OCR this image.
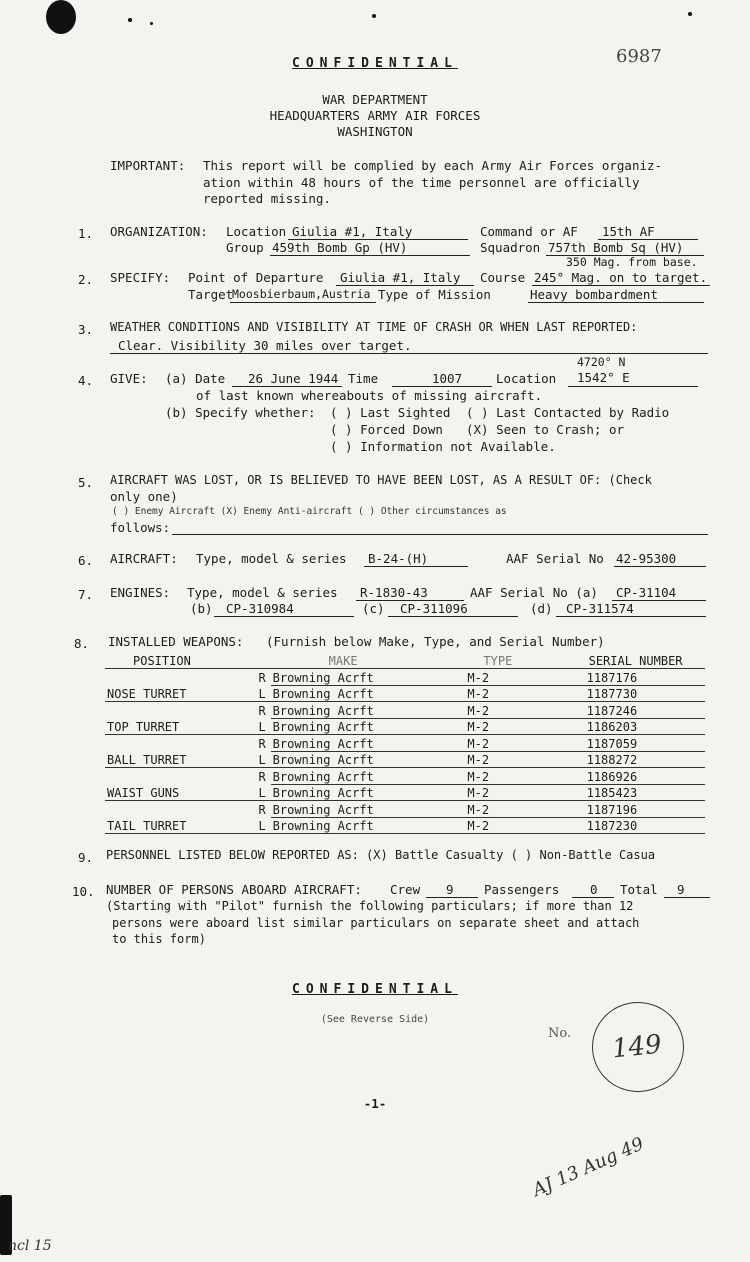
6987
CONFIDENTIAL
WAR DEPARTMENT
HEADQUARTERS ARMY AIR FORCES
WASHINGTON
IMPORTANT: This report will be complied by each Army Air Forces organiz-
ation within 48 hours of the time personnel are officially
reported missing.
1. ORGANIZATION: Location Giulia #1, Italy	Command or AF 15th AF
Group 459th Bomb Gp (HV)	Squadron 757th Bomb Sq (HV)
350 Mag. from base.
2. SPECIFY: Point of Departure Giulia #1, Italy Course 245° Mag. on to target.
Target
Moosbierbaum,Austria Type of Mission	Heavy bombardment
3. WEATHER CONDITIONS AND VISIBILITY AT TIME OF CRASH OR WHEN LAST REPORTED:
Clear. Visibility 30 miles over target.
4720° N
4. GIVE: (a) Date 26 June 1944 Time	1007	Location 1542° E
of last known whereabouts of missing aircraft.
(b) Specify whether: ( ) Last Sighted ( ) Last Contacted by Radio
( ) Forced Down (X) Seen to Crash; or
( ) Information not Available.
5. AIRCRAFT WAS LOST, OR IS BELIEVED TO HAVE BEEN LOST, AS A RESULT OF: (Check
only one)
( ) Enemy Aircraft (X) Enemy Anti-aircraft ( ) Other circumstances as
follows:
6. AIRCRAFT: Type, model & series B-24-(H)	AAF Serial No 42-95300
7. ENGINES: Type, model & series R-1830-43	AAF Serial No (a) CP-31104
(b) CP-310984	(c) CP-311096	(d) CP-311574
8. INSTALLED WEAPONS: (Furnish below Make, Type, and Serial Number)
POSITION		MAKE	TYPE	SERIAL NUMBER
	R	Browning Acrft	M-2	1187176
NOSE TURRET	L	Browning Acrft	M-2	1187730
	R	Browning Acrft	M-2	1187246
TOP TURRET	L	Browning Acrft	M-2	1186203
	R	Browning Acrft	M-2	1187059
BALL TURRET	L	Browning Acrft	M-2	1188272
	R	Browning Acrft	M-2	1186926
WAIST GUNS	L	Browning Acrft	M-2	1185423
	R	Browning Acrft	M-2	1187196
TAIL TURRET	L	Browning Acrft	M-2	1187230
9. PERSONNEL LISTED BELOW REPORTED AS: (X) Battle Casualty ( ) Non-Battle Casua
10. NUMBER OF PERSONS ABOARD AIRCRAFT: Crew 9 Passengers 0 Total 9
(Starting with "Pilot" furnish the following particulars; if more than 12
persons were aboard list similar particulars on separate sheet and attach
to this form)
CONFIDENTIAL
(See Reverse Side)
-1-
No. 149
AJ 13 Aug 49
ncl 15
